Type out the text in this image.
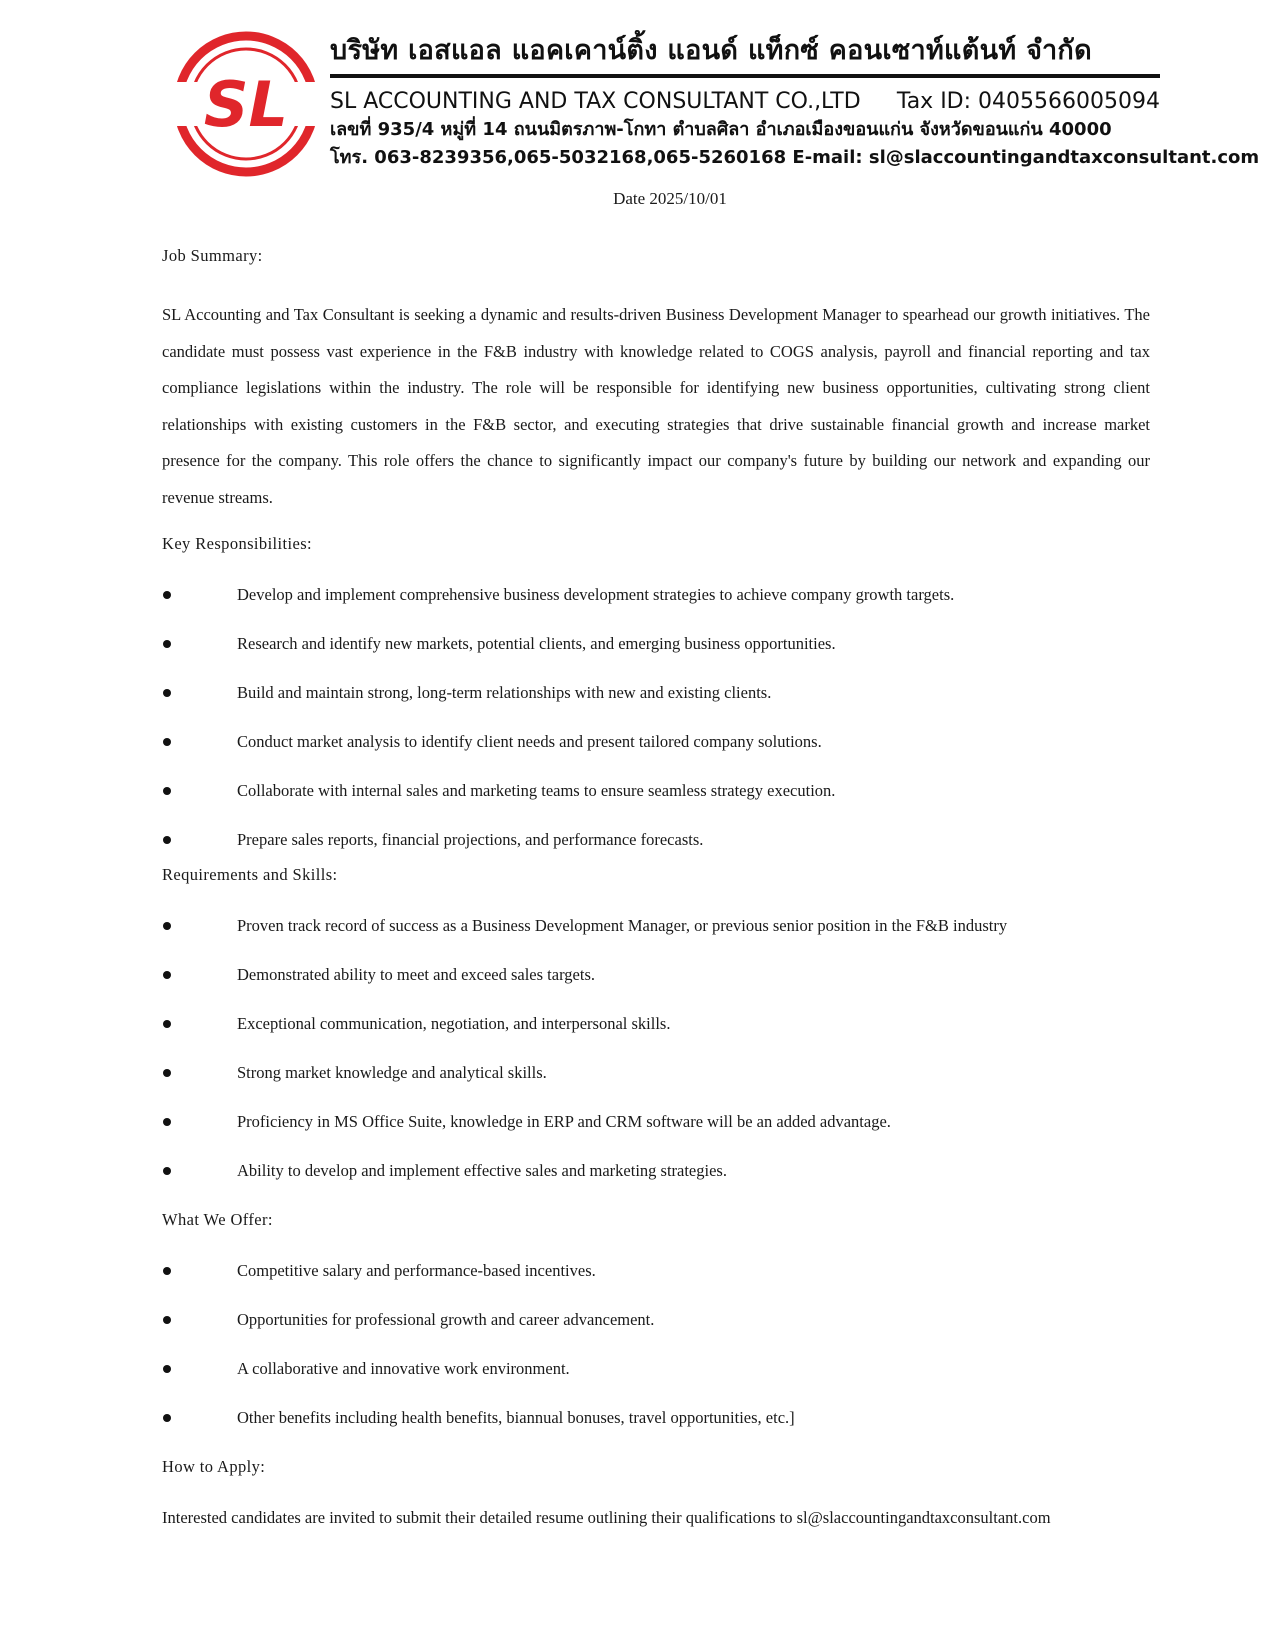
SL
บริษัท เอสแอล แอคเคาน์ติ้ง แอนด์ แท็กซ์ คอนเซาท์แต้นท์ จำกัด
SL ACCOUNTING AND TAX CONSULTANT CO.,LTD Tax ID: 0405566005094
เลขที่ 935/4 หมู่ที่ 14 ถนนมิตรภาพ-โกทา ตำบลศิลา อำเภอเมืองขอนแก่น จังหวัดขอนแก่น 40000
โทร. 063-8239356,065-5032168,065-5260168 E-mail: sl@slaccountingandtaxconsultant.com
Date 2025/10/01
Job Summary:
SL Accounting and Tax Consultant is seeking a dynamic and results-driven Business Development Manager to spearhead our growth initiatives. The candidate must possess vast experience in the F&B industry with knowledge related to COGS analysis, payroll and financial reporting and tax compliance legislations within the industry. The role will be responsible for identifying new business opportunities, cultivating strong client relationships with existing customers in the F&B sector, and executing strategies that drive sustainable financial growth and increase market presence for the company. This role offers the chance to significantly impact our company's future by building our network and expanding our revenue streams.
Key Responsibilities:
Develop and implement comprehensive business development strategies to achieve company growth targets.
Research and identify new markets, potential clients, and emerging business opportunities.
Build and maintain strong, long-term relationships with new and existing clients.
Conduct market analysis to identify client needs and present tailored company solutions.
Collaborate with internal sales and marketing teams to ensure seamless strategy execution.
Prepare sales reports, financial projections, and performance forecasts.
Requirements and Skills:
Proven track record of success as a Business Development Manager, or previous senior position in the F&B industry
Demonstrated ability to meet and exceed sales targets.
Exceptional communication, negotiation, and interpersonal skills.
Strong market knowledge and analytical skills.
Proficiency in MS Office Suite, knowledge in ERP and CRM software will be an added advantage.
Ability to develop and implement effective sales and marketing strategies.
What We Offer:
Competitive salary and performance-based incentives.
Opportunities for professional growth and career advancement.
A collaborative and innovative work environment.
Other benefits including health benefits, biannual bonuses, travel opportunities, etc.]
How to Apply:
Interested candidates are invited to submit their detailed resume outlining their qualifications to sl@slaccountingandtaxconsultant.com
